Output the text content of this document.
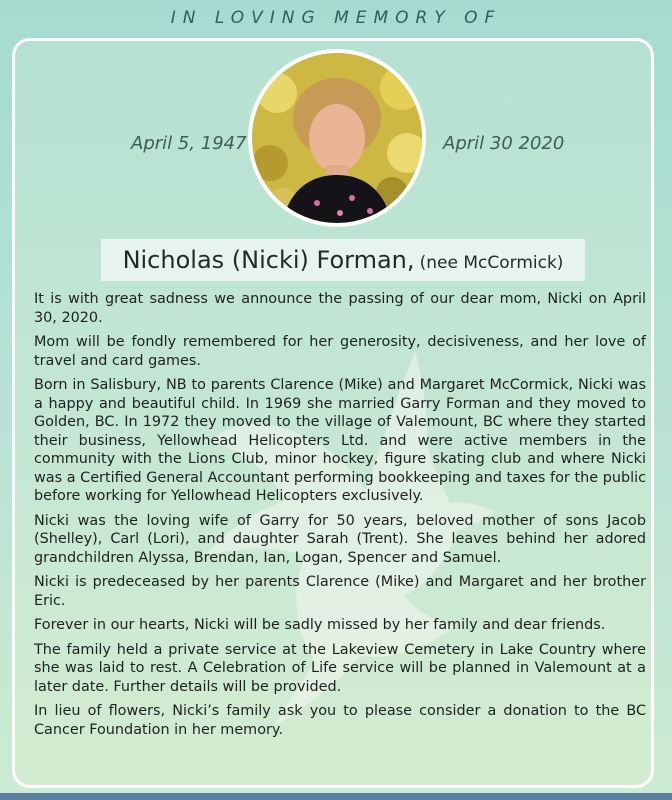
IN LOVING MEMORY OF
April 5, 1947	April 30 2020
Nicholas (Nicki) Forman, (nee McCormick)

It is with great sadness we announce the passing of our dear mom, Nicki on April 30, 2020.

Mom will be fondly remembered for her generosity, decisiveness, and her love of travel and card games.

Born in Salisbury, NB to parents Clarence (Mike) and Margaret McCormick, Nicki was a happy and beautiful child. In 1969 she married Garry Forman and they moved to Golden, BC. In 1972 they moved to the village of Valemount, BC where they started their business, Yellowhead Helicopters Ltd. and were active members in the community with the Lions Club, minor hockey, figure skating club and where Nicki was a Certified General Accountant performing bookkeeping and taxes for the public before working for Yellowhead Helicopters exclusively.

Nicki was the loving wife of Garry for 50 years, beloved mother of sons Jacob (Shelley), Carl (Lori), and daughter Sarah (Trent). She leaves behind her adored grandchildren Alyssa, Brendan, Ian, Logan, Spencer and Samuel.

Nicki is predeceased by her parents Clarence (Mike) and Margaret and her brother Eric.

Forever in our hearts, Nicki will be sadly missed by her family and dear friends.

The family held a private service at the Lakeview Cemetery in Lake Country where she was laid to rest. A Celebration of Life service will be planned in Valemount at a later date. Further details will be provided.

In lieu of flowers, Nicki’s family ask you to please consider a donation to the BC Cancer Foundation in her memory.
